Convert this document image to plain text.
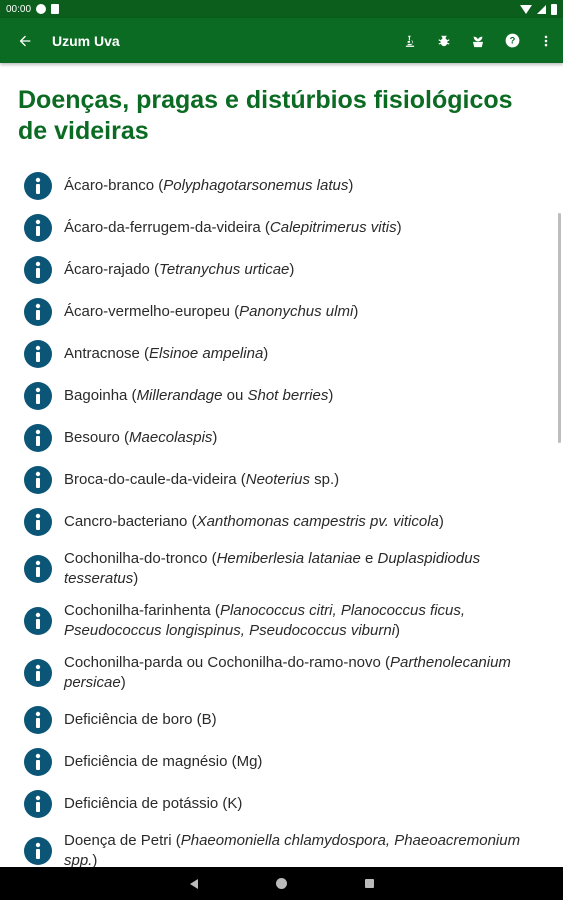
00:00
Uzum Uva	?
Doenças, pragas e distúrbios fisiológicos de videiras
Ácaro-branco (Polyphagotarsonemus latus)
Ácaro-da-ferrugem-da-videira (Calepitrimerus vitis)
Ácaro-rajado (Tetranychus urticae)
Ácaro-vermelho-europeu (Panonychus ulmi)
Antracnose (Elsinoe ampelina)
Bagoinha (Millerandage ou Shot berries)
Besouro (Maecolaspis)
Broca-do-caule-da-videira (Neoterius sp.)
Cancro-bacteriano (Xanthomonas campestris pv. viticola)
Cochonilha-do-tronco (Hemiberlesia lataniae e Duplaspidiodus tesseratus)
Cochonilha-farinhenta (Planococcus citri, Planococcus ficus, Pseudococcus longispinus, Pseudococcus viburni)
Cochonilha-parda ou Cochonilha-do-ramo-novo (Parthenolecanium persicae)
Deficiência de boro (B)
Deficiência de magnésio (Mg)
Deficiência de potássio (K)
Doença de Petri (Phaeomoniella chlamydospora, Phaeoacremonium spp.)
